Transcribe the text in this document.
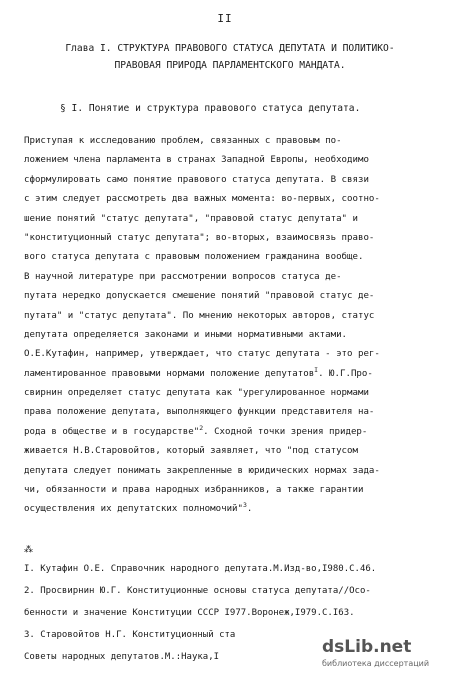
II
Глава I. СТРУКТУРА ПРАВОВОГО СТАТУСА ДЕПУТАТА И ПОЛИТИКО-
ПРАВОВАЯ ПРИРОДА ПАРЛАМЕНТСКОГО МАНДАТА.
§ I. Понятие и структура правового статуса депутата.
Приступая к исследованию проблем, связанных с правовым по-
ложением члена парламента в странах Западной Европы, необходимо
сформулировать само понятие правового статуса депутата. В связи
с этим следует рассмотреть два важных момента: во-первых, соотно-
шение понятий "статус депутата", "правовой статус депутата" и
"конституционный статус депутата"; во-вторых, взаимосвязь право-
вого статуса депутата с правовым положением гражданина вообще.
В научной литературе при рассмотрении вопросов статуса де-
путата нередко допускается смешение понятий "правовой статус де-
путата" и "статус депутата". По мнению некоторых авторов, статус
депутата определяется законами и иными нормативными актами.
О.Е.Кутафин, например, утверждает, что статус депутата - это рег-
ламентированное правовыми нормами положение депутатов$^I$. Ю.Г.Про-
свирнин определяет статус депутата как "урегулированное нормами
права положение депутата, выполняющего функции представителя на-
рода в обществе и в государстве"$^2$. Сходной точки зрения придер-
живается Н.В.Старовойтов, который заявляет, что "под статусом
депутата следует понимать закрепленные в юридических нормах зада-
чи, обязанности и права народных избранников, а также гарантии
осуществления их депутатских полномочий"$^3$.
⁂
I. Кутафин О.Е. Справочник народного депутата.М.Изд-во,I980.С.46.
2. Просвирнин Ю.Г. Конституционные основы статуса депутата//Осо-
бенности и значение Конституции СССР I977.Воронеж,I979.С.I63.
3. Старовойтов Н.Г. Конституционный ста
Советы народных депутатов.М.:Наука,I	dsLib.net
библиотека диссертаций
